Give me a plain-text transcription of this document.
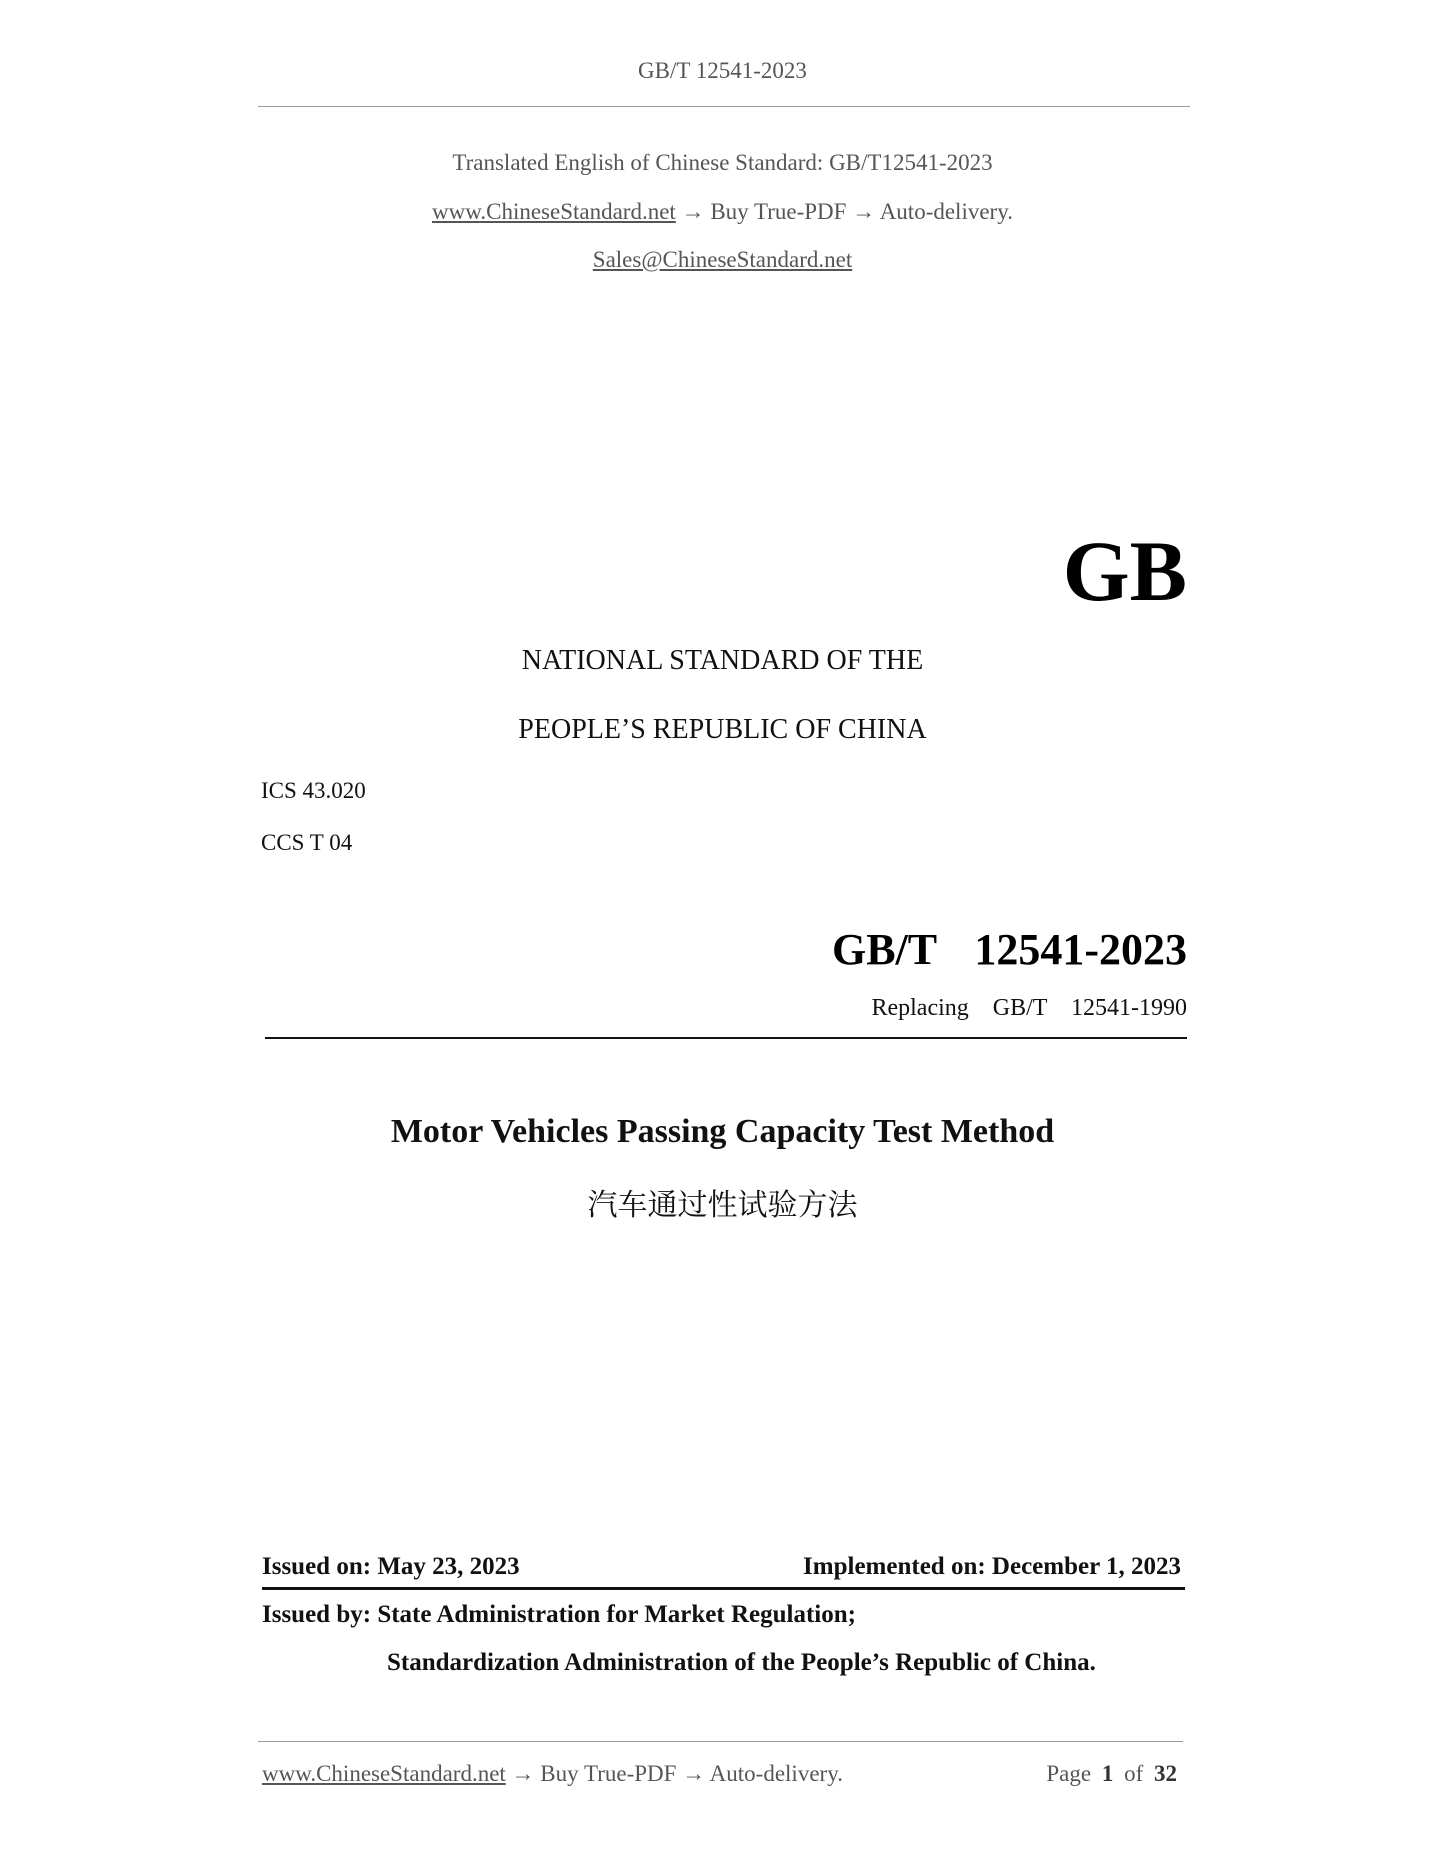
GB/T 12541-2023
Translated English of Chinese Standard: GB/T12541-2023
www.ChineseStandard.net → Buy True-PDF → Auto-delivery.
Sales@ChineseStandard.net
GB
NATIONAL STANDARD OF THE
PEOPLE’S REPUBLIC OF CHINA
ICS 43.020
CCS T 04
GB/T  12541-2023
Replacing  GB/T  12541-1990
Motor Vehicles Passing Capacity Test Method
汽车通过性试验方法
Issued on: May 23, 2023	Implemented on: December 1, 2023
Issued by: State Administration for Market Regulation;
Standardization Administration of the People’s Republic of China.
www.ChineseStandard.net → Buy True-PDF → Auto-delivery.	Page 1 of 32
